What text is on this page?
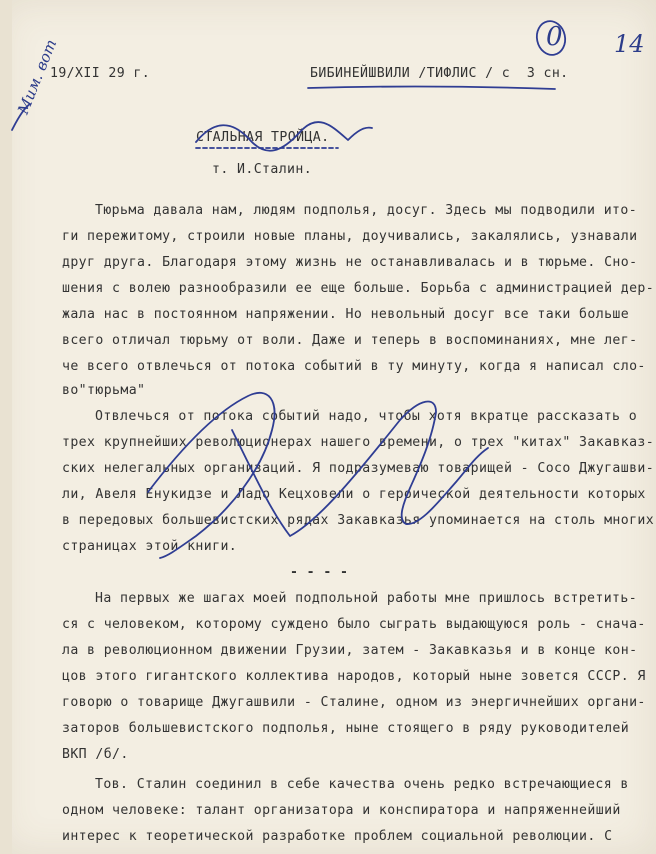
19/XII 29 г.	БИБИНЕЙШВИЛИ /ТИФЛИС / с  3 сн.
14
0
Мим. вот
СТАЛЬНАЯ ТРОЙЦА.
т. И.Сталин.
Тюрьма давала нам, людям подполья, досуг. Здесь мы подводили ито-
ги пережитому, строили новые планы, доучивались, закалялись, узнавали
друг друга. Благодаря этому жизнь не останавливалась и в тюрьме. Сно-
шения с волею разнообразили ее еще больше. Борьба с администрацией дер-
жала нас в постоянном напряжении. Но невольный досуг все таки больше
всего отличал тюрьму от воли. Даже и теперь в воспоминаниях, мне лег-
че всего отвлечься от потока событий в ту минуту, когда я написал сло-
во"тюрьма"
Отвлечься от потока событий надо, чтобы хотя вкратце рассказать о
трех крупнейших революционерах нашего времени, о трех "китах" Закавказ-
ских нелегальных организаций. Я подразумеваю товарищей - Сосо Джугашви-
ли, Авеля Енукидзе и Ладо Кецховели о героической деятельности которых
в передовых большевистских рядах Закавказья упоминается на столь многих
страницах этой книги.
- - - -
На первых же шагах моей подпольной работы мне пришлось встретить-
ся с человеком, которому суждено было сыграть выдающуюся роль - снача-
ла в революционном движении Грузии, затем - Закавказья и в конце кон-
цов этого гигантского коллектива народов, который ныне зовется СССР. Я
говорю о товарище Джугашвили - Сталине, одном из энергичнейших органи-
заторов большевистского подполья, ныне стоящего в ряду руководителей
ВКП /б/.
Тов. Сталин соединил в себе качества очень редко встречающиеся в
одном человеке: талант организатора и конспиратора и напряженнейший
интерес к теоретической разработке проблем социальной революции. С
